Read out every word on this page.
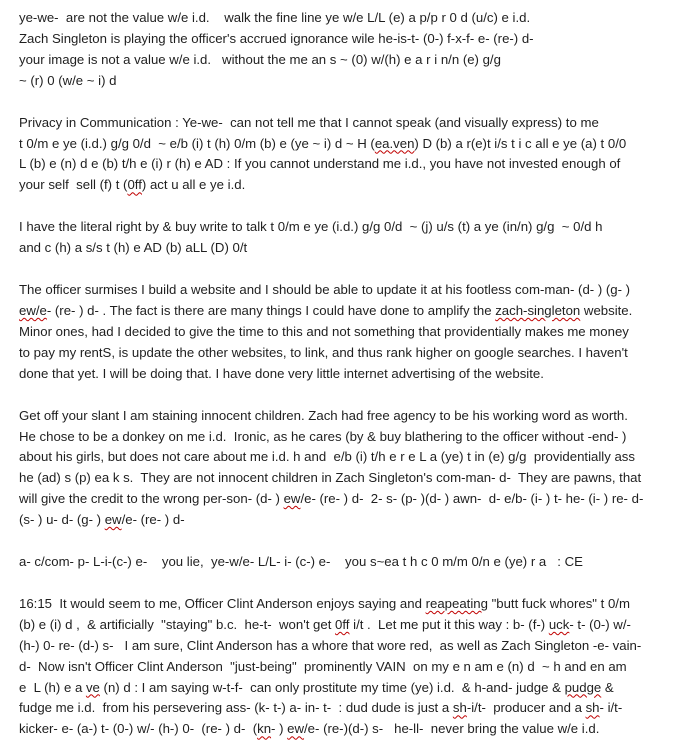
ye-we-  are not the value w/e i.d.    walk the fine line ye w/e L/L (e) a p/p r 0 d (u/c) e i.d.
Zach Singleton is playing the officer's accrued ignorance wile he-is-t- (0-) f-x-f- e- (re-) d-
your image is not a value w/e i.d.   without the me an s ~ (0) w/(h) e a r i n/n (e) g/g
~ (r) 0 (w/e ~ i) d

Privacy in Communication : Ye-we-  can not tell me that I cannot speak (and visually express) to me
t 0/m e ye (i.d.) g/g 0/d  ~ e/b (i) t (h) 0/m (b) e (ye ~ i) d ~ H (ea.ven) D (b) a r(e)t i/s t i c all e ye (a) t 0/0
L (b) e (n) d e (b) t/h e (i) r (h) e AD : If you cannot understand me i.d., you have not invested enough of
your self  sell (f) t (0ff) act u all e ye i.d.

I have the literal right by & buy write to talk t 0/m e ye (i.d.) g/g 0/d  ~ (j) u/s (t) a ye (in/n) g/g  ~ 0/d h
and c (h) a s/s t (h) e AD (b) aLL (D) 0/t

The officer surmises I build a website and I should be able to update it at his footless com-man- (d- ) (g- )
ew/e- (re- ) d- . The fact is there are many things I could have done to amplify the zach-singleton website.
Minor ones, had I decided to give the time to this and not something that providentially makes me money
to pay my rentS, is update the other websites, to link, and thus rank higher on google searches. I haven't
done that yet. I will be doing that. I have done very little internet advertising of the website.

Get off your slant I am staining innocent children. Zach had free agency to be his working word as worth.
He chose to be a donkey on me i.d.  Ironic, as he cares (by & buy blathering to the officer without -end- )
about his girls, but does not care about me i.d. h and  e/b (i) t/h e r e L a (ye) t in (e) g/g  providentially ass
he (ad) s (p) ea k s.  They are not innocent children in Zach Singleton's com-man- d-  They are pawns, that
will give the credit to the wrong per-son- (d- ) ew/e- (re- ) d-  2- s- (p- )(d- ) awn-  d- e/b- (i- ) t- he- (i- ) re- d-
(s- ) u- d- (g- ) ew/e- (re- ) d-

a- c/com- p- L-i-(c-) e-    you lie,  ye-w/e- L/L- i- (c-) e-    you s~ea t h c 0 m/m 0/n e (ye) r a   : CE

16:15  It would seem to me, Officer Clint Anderson enjoys saying and reapeating "butt fuck whores" t 0/m
(b) e (i) d ,  & artificially  "staying" b.c.  he-t-  won't get 0ff i/t .  Let me put it this way : b- (f-) uck- t- (0-) w/-
(h-) 0- re- (d-) s-   I am sure, Clint Anderson has a whore that wore red,  as well as Zach Singleton -e- vain-
d-  Now isn't Officer Clint Anderson  "just-being"  prominently VAIN  on my e n am e (n) d  ~ h and en am
e  L (h) e a ve (n) d : I am saying w-t-f-  can only prostitute my time (ye) i.d.  & h-and- judge & pudge &
fudge me i.d.  from his persevering ass- (k- t-) a- in- t-  : dud dude is just a sh-i/t-  producer and a sh- i/t-
kicker- e- (a-) t- (0-) w/- (h-) 0-  (re- ) d-  (kn- ) ew/e- (re-)(d-) s-   he-ll-  never bring the value w/e i.d.
